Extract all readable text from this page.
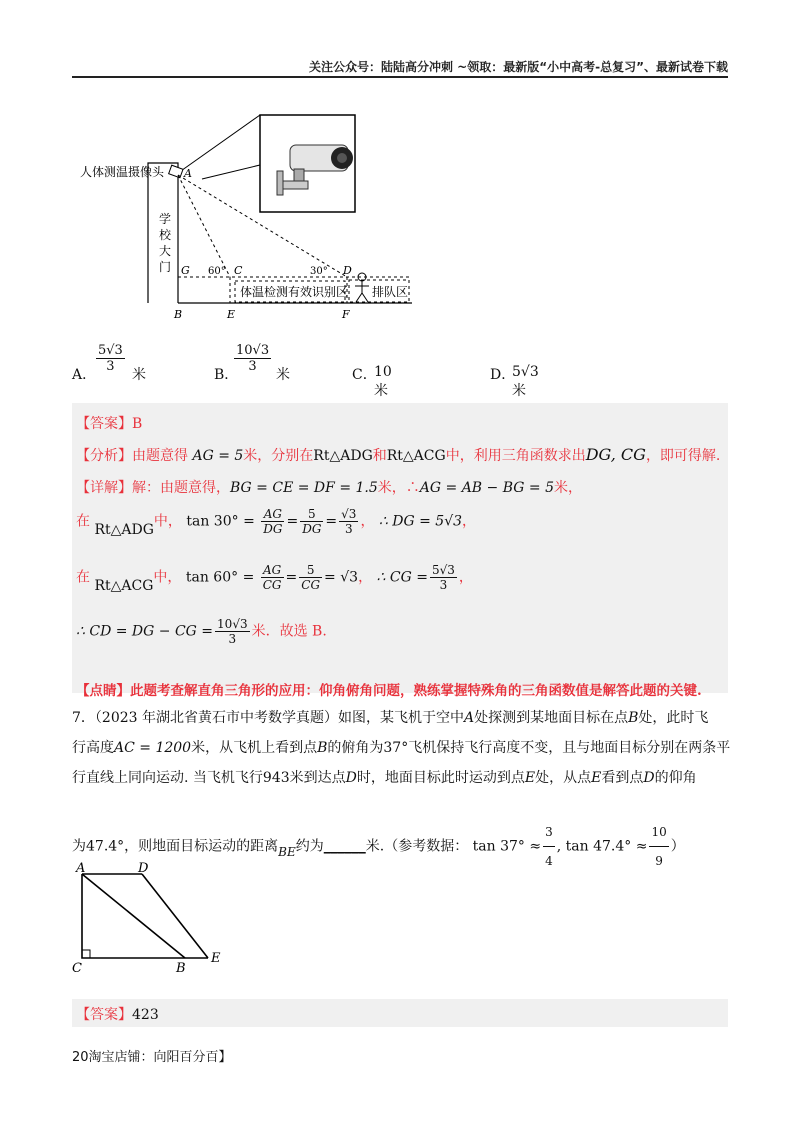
关注公众号：陆陆高分冲刺 ~领取：最新版“小中高考-总复习”、最新试卷下载
人体测温摄像头 A
学
校
大
门
体温检测有效识别区 排队区
G 60° C	30° D
B	E	F
A．
5√3
3
米	B．
10√3
3
米	C．
10 米
D．
5√3 米
【答案】B
【分析】由题意得 AG = 5米，分别在Rt△ADG和Rt△ACG中，利用三角函数求出DG, CG，即可得解.
【详解】解：由题意得，BG = CE = DF = 1.5米，∴AG = AB − BG = 5米，
在 Rt△ADG中， $\tan 30^\circ = \frac{AG}{DG} = \frac{5}{DG} = \frac{√3}{3}$ ， ∴ DG = 5√3，
在 Rt△ACG中， $\tan 60^\circ = \frac{AG}{CG} = \frac{5}{CG} = √3$， ∴ CG = $\frac{5√3}{3}$ ，
∴ CD = DG − CG = $\frac{10√3}{3}$ 米．故选 B.
【点睛】此题考查解直角三角形的应用：仰角俯角问题，熟练掌握特殊角的三角函数值是解答此题的关键.
7．（2023 年湖北省黄石市中考数学真题）如图，某飞机于空中A处探测到某地面目标在点B处，此时飞
行高度AC = 1200米，从飞机上看到点B的俯角为37°飞机保持飞行高度不变，且与地面目标分别在两条平
行直线上同向运动. 当飞机飞行943米到达点D时，地面目标此时运动到点E处，从点E看到点D的仰角
为47.4°，则地面目标运动的距离BE约为______米.（参考数据： $\tan 37^\circ \approx \frac{3}{4}$ , $\tan 47.4^\circ \approx \frac{10}{9}$ ）
A	D
C	B
E
【答案】423
20淘宝店铺：向阳百分百】
